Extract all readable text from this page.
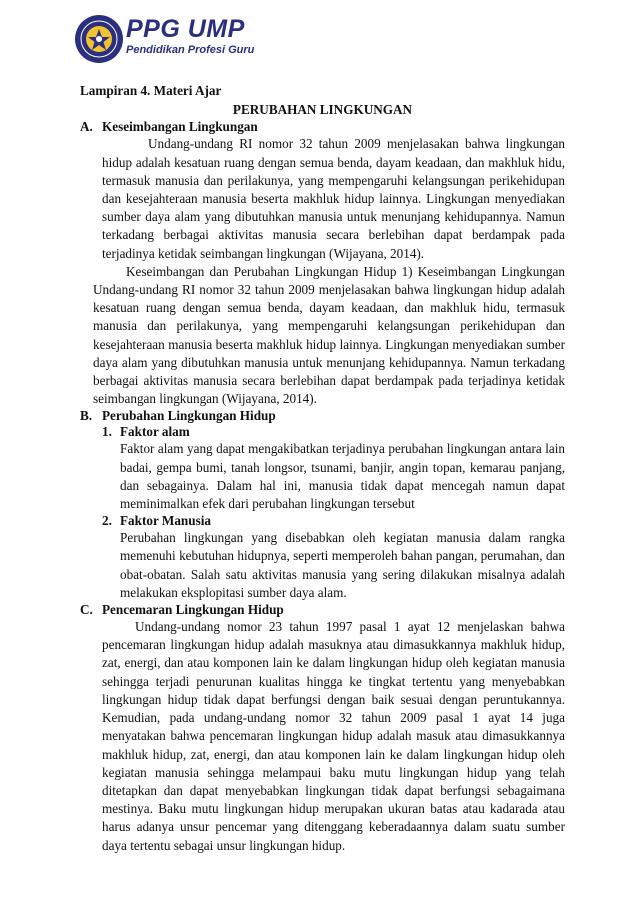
PPG UMP
Pendidikan Profesi Guru

Lampiran 4. Materi Ajar

PERUBAHAN LINGKUNGAN

A. Keseimbangan Lingkungan

Undang-undang RI nomor 32 tahun 2009 menjelasakan bahwa lingkungan hidup adalah kesatuan ruang dengan semua benda, dayam keadaan, dan makhluk hidu, termasuk manusia dan perilakunya, yang mempengaruhi kelangsungan perikehidupan dan kesejahteraan manusia beserta makhluk hidup lainnya. Lingkungan menyediakan sumber daya alam yang dibutuhkan manusia untuk menunjang kehidupannya. Namun terkadang berbagai aktivitas manusia secara berlebihan dapat berdampak pada terjadinya ketidak seimbangan lingkungan (Wijayana, 2014).

Keseimbangan dan Perubahan Lingkungan Hidup 1) Keseimbangan Lingkungan Undang-undang RI nomor 32 tahun 2009 menjelasakan bahwa lingkungan hidup adalah kesatuan ruang dengan semua benda, dayam keadaan, dan makhluk hidu, termasuk manusia dan perilakunya, yang mempengaruhi kelangsungan perikehidupan dan kesejahteraan manusia beserta makhluk hidup lainnya. Lingkungan menyediakan sumber daya alam yang dibutuhkan manusia untuk menunjang kehidupannya. Namun terkadang berbagai aktivitas manusia secara berlebihan dapat berdampak pada terjadinya ketidak seimbangan lingkungan (Wijayana, 2014).

B. Perubahan Lingkungan Hidup
1. Faktor alam

Faktor alam yang dapat mengakibatkan terjadinya perubahan lingkungan antara lain badai, gempa bumi, tanah longsor, tsunami, banjir, angin topan, kemarau panjang, dan sebagainya. Dalam hal ini, manusia tidak dapat mencegah namun dapat meminimalkan efek dari perubahan lingkungan tersebut

2. Faktor Manusia

Perubahan lingkungan yang disebabkan oleh kegiatan manusia dalam rangka memenuhi kebutuhan hidupnya, seperti memperoleh bahan pangan, perumahan, dan obat-obatan. Salah satu aktivitas manusia yang sering dilakukan misalnya adalah melakukan eksplopitasi sumber daya alam.

C. Pencemaran Lingkungan Hidup

Undang-undang nomor 23 tahun 1997 pasal 1 ayat 12 menjelaskan bahwa pencemaran lingkungan hidup adalah masuknya atau dimasukkannya makhluk hidup, zat, energi, dan atau komponen lain ke dalam lingkungan hidup oleh kegiatan manusia sehingga terjadi penurunan kualitas hingga ke tingkat tertentu yang menyebabkan lingkungan hidup tidak dapat berfungsi dengan baik sesuai dengan peruntukannya. Kemudian, pada undang-undang nomor 32 tahun 2009 pasal 1 ayat 14 juga menyatakan bahwa pencemaran lingkungan hidup adalah masuk atau dimasukkannya makhluk hidup, zat, energi, dan atau komponen lain ke dalam lingkungan hidup oleh kegiatan manusia sehingga melampaui baku mutu lingkungan hidup yang telah ditetapkan dan dapat menyebabkan lingkungan tidak dapat berfungsi sebagaimana mestinya. Baku mutu lingkungan hidup merupakan ukuran batas atau kadarada atau harus adanya unsur pencemar yang ditenggang keberadaannya dalam suatu sumber daya tertentu sebagai unsur lingkungan hidup.
